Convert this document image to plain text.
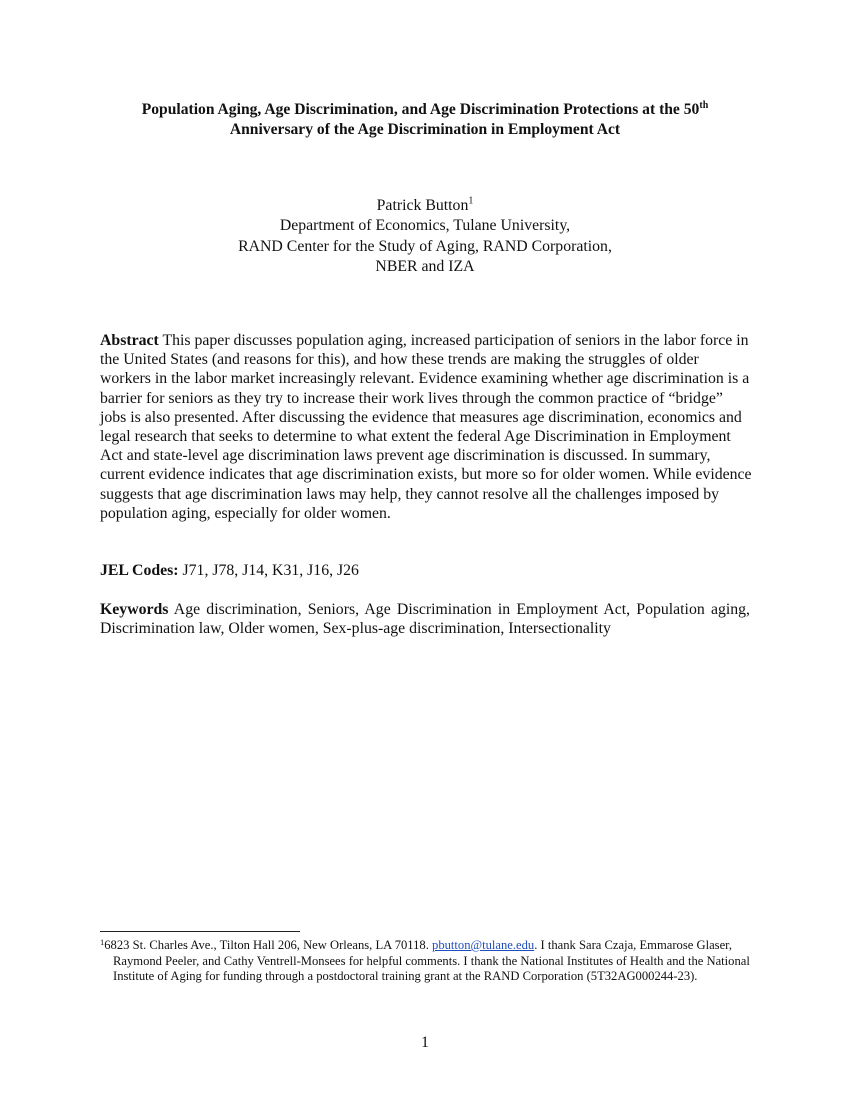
Population Aging, Age Discrimination, and Age Discrimination Protections at the 50th
Anniversary of the Age Discrimination in Employment Act
Patrick Button$^1$
Department of Economics, Tulane University,
RAND Center for the Study of Aging, RAND Corporation,
NBER and IZA
Abstract This paper discusses population aging, increased participation of seniors in the labor force in the United States (and reasons for this), and how these trends are making the struggles of older workers in the labor market increasingly relevant. Evidence examining whether age discrimination is a barrier for seniors as they try to increase their work lives through the common practice of “bridge” jobs is also presented. After discussing the evidence that measures age discrimination, economics and legal research that seeks to determine to what extent the federal Age Discrimination in Employment Act and state-level age discrimination laws prevent age discrimination is discussed. In summary, current evidence indicates that age discrimination exists, but more so for older women. While evidence suggests that age discrimination laws may help, they cannot resolve all the challenges imposed by population aging, especially for older women.
JEL Codes: J71, J78, J14, K31, J16, J26
Keywords Age discrimination, Seniors, Age Discrimination in Employment Act, Population aging, Discrimination law, Older women, Sex-plus-age discrimination, Intersectionality
$^1$6823 St. Charles Ave., Tilton Hall 206, New Orleans, LA 70118. pbutton@tulane.edu. I thank Sara Czaja, Emmarose Glaser, Raymond Peeler, and Cathy Ventrell-Monsees for helpful comments. I thank the National Institutes of Health and the National Institute of Aging for funding through a postdoctoral training grant at the RAND Corporation (5T32AG000244-23).
1
